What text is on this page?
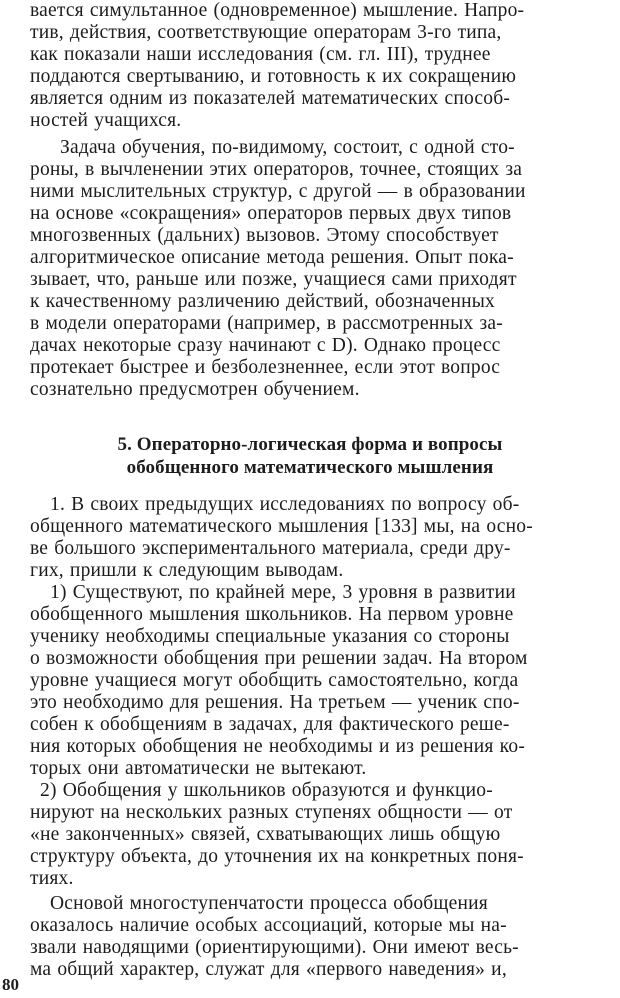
вается симультанное (одновременное) мышление. Напро-
тив, действия, соответствующие операторам 3-го типа,
как показали наши исследования (см. гл. III), труднее
поддаются свертыванию, и готовность к их сокращению
является одним из показателей математических способ-
ностей учащихся.
Задача обучения, по-видимому, состоит, с одной сто-
роны, в вычленении этих операторов, точнее, стоящих за
ними мыслительных структур, с другой — в образовании
на основе «сокращения» операторов первых двух типов
многозвенных (дальних) вызовов. Этому способствует
алгоритмическое описание метода решения. Опыт пока-
зывает, что, раньше или позже, учащиеся сами приходят
к качественному различению действий, обозначенных
в модели операторами (например, в рассмотренных за-
дачах некоторые сразу начинают с D). Однако процесс
протекает быстрее и безболезненнее, если этот вопрос
сознательно предусмотрен обучением.
5. Операторно-логическая форма и вопросы
обобщенного математического мышления
1. В своих предыдущих исследованиях по вопросу об-
общенного математического мышления [133] мы, на осно-
ве большого экспериментального материала, среди дру-
гих, пришли к следующим выводам.
1) Существуют, по крайней мере, 3 уровня в развитии
обобщенного мышления школьников. На первом уровне
ученику необходимы специальные указания со стороны
о возможности обобщения при решении задач. На втором
уровне учащиеся могут обобщить самостоятельно, когда
это необходимо для решения. На третьем — ученик спо-
собен к обобщениям в задачах, для фактического реше-
ния которых обобщения не необходимы и из решения ко-
торых они автоматически не вытекают.
2) Обобщения у школьников образуются и функцио-
нируют на нескольких разных ступенях общности — от
«не законченных» связей, схватывающих лишь общую
структуру объекта, до уточнения их на конкретных поня-
тиях.
Основой многоступенчатости процесса обобщения
оказалось наличие особых ассоциаций, которые мы на-
звали наводящими (ориентирующими). Они имеют весь-
ма общий характер, служат для «первого наведения» и,
80
